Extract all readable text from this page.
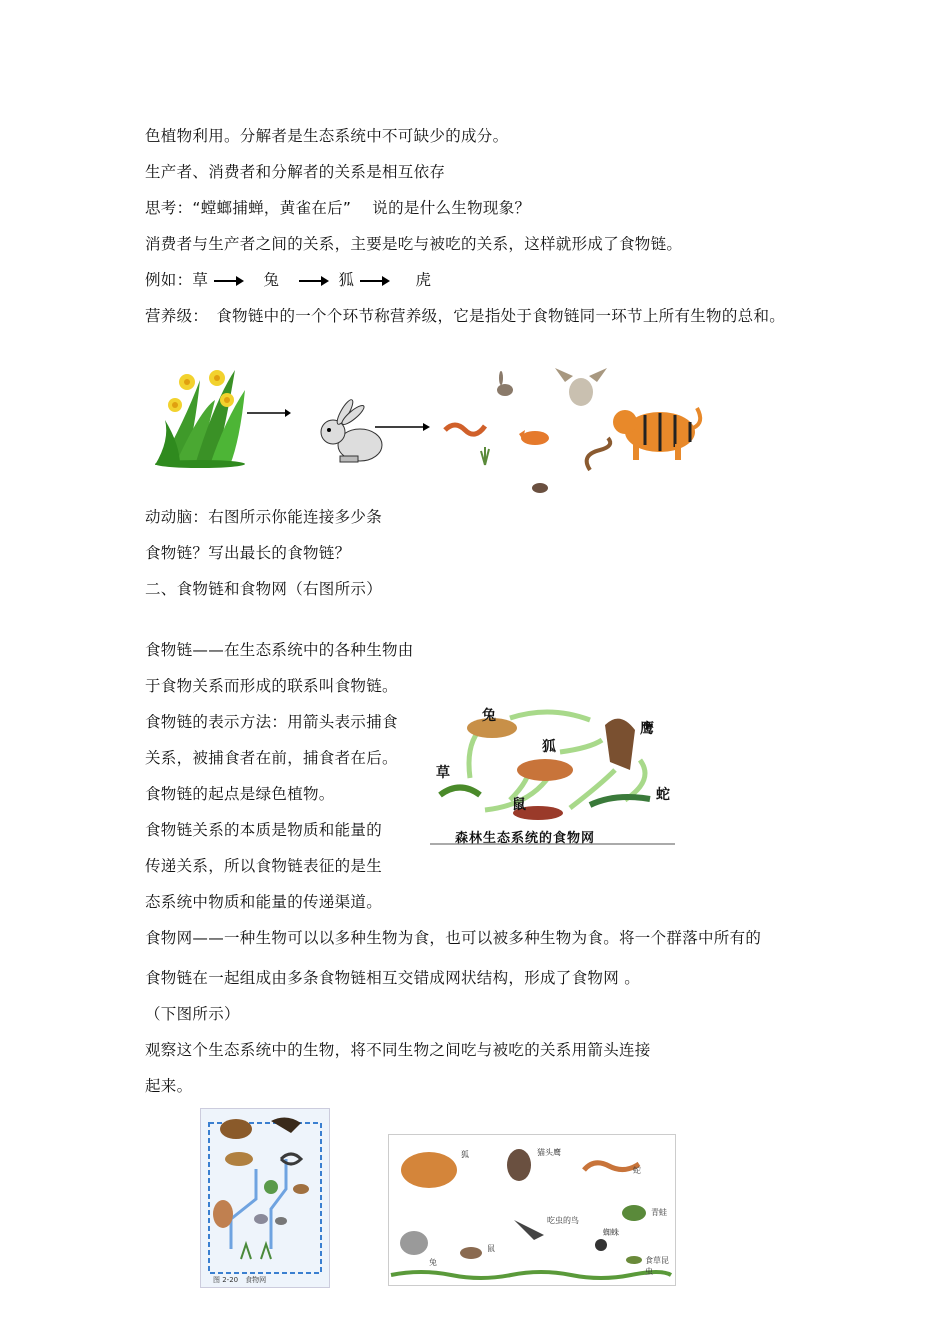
色植物利用。分解者是生态系统中不可缺少的成分。
生产者、消费者和分解者的关系是相互依存
思考：“螳螂捕蝉，黄雀在后”　 说的是什么生物现象？
消费者与生产者之间的关系，主要是吃与被吃的关系，这样就形成了食物链。
例如：草	兔	狐	虎
营养级：　食物链中的一个个环节称营养级，它是指处于食物链同一环节上所有生物的总和。
动动脑：右图所示你能连接多少条
食物链？写出最长的食物链？
二、食物链和食物网（右图所示）
食物链——在生态系统中的各种生物由
于食物关系而形成的联系叫食物链。
食物链的表示方法：用箭头表示捕食
关系，被捕食者在前，捕食者在后。
食物链的起点是绿色植物。
食物链关系的本质是物质和能量的
传递关系，所以食物链表征的是生
态系统中物质和能量的传递渠道。
兔
狐
鹰
草
鼠
蛇
森林生态系统的食物网
食物网——一种生物可以以多种生物为食，也可以被多种生物为食。将一个群落中所有的
食物链在一起组成由多条食物链相互交错成网状结构，形成了食物网 。
（下图所示）
观察这个生态系统中的生物，将不同生物之间吃与被吃的关系用箭头连接
起来。
图 2-20　食物网
狐	猫头鹰
蛇
青蛙
兔
鼠
吃虫的鸟
蜘蛛
食草昆虫
